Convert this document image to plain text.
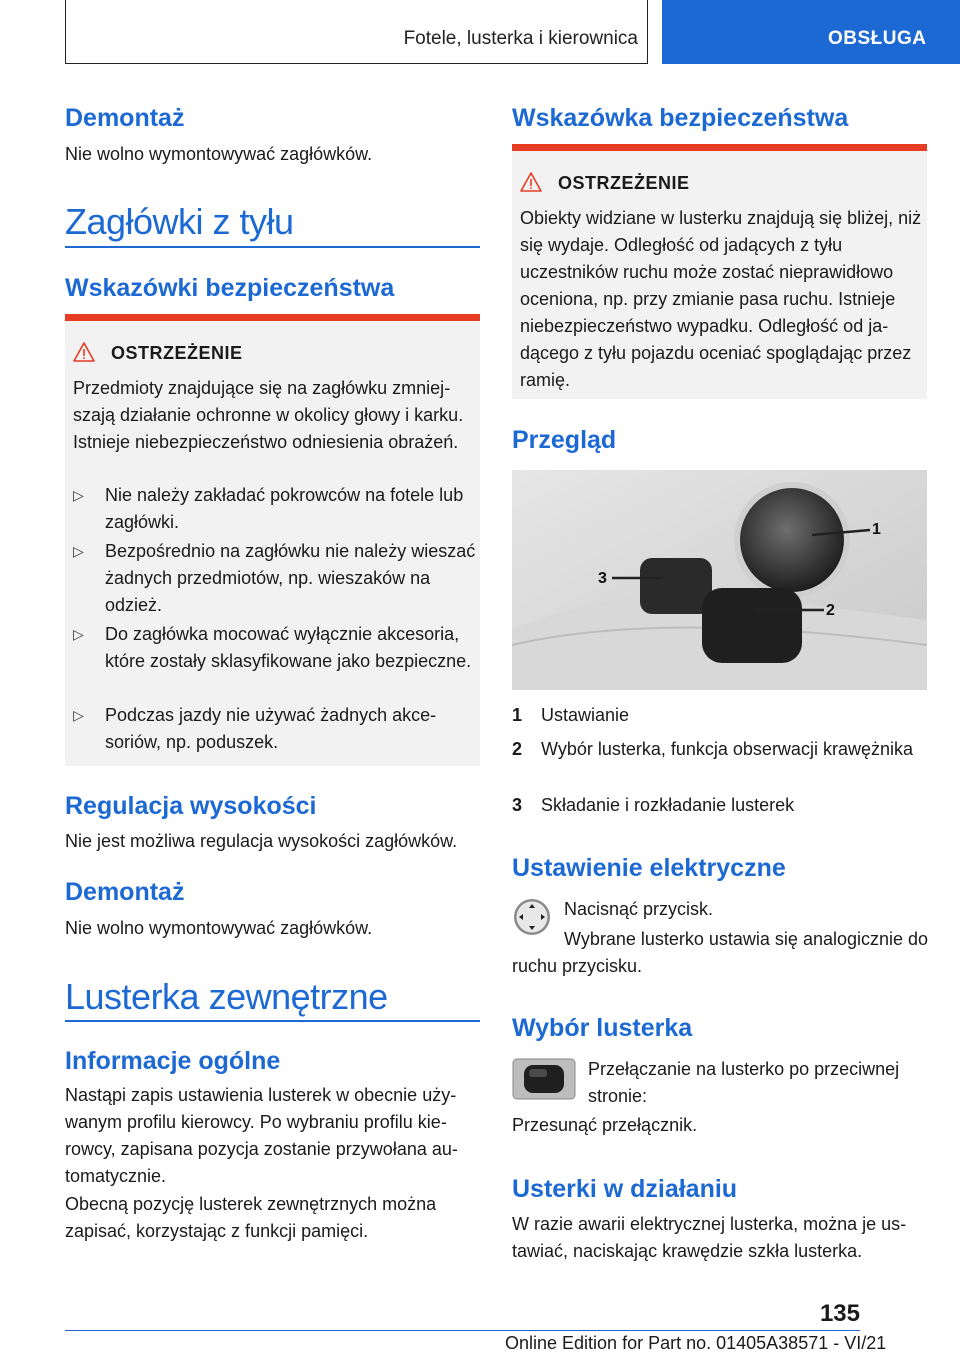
Fotele, lusterka i kierownica	OBSŁUGA
Demontaż
Nie wolno wymontowywać zagłówków.
Zagłówki z tyłu
Wskazówki bezpieczeństwa
OSTRZEŻENIE
Przedmioty znajdujące się na zagłówku zmniejszają działanie ochronne w okolicy głowy i karku. Istnieje niebezpieczeństwo odniesienia obrażeń.
▷ Nie należy zakładać pokrowców na fotele lub zagłówki.
▷ Bezpośrednio na zagłówku nie należy wieszać żadnych przedmiotów, np. wieszaków na odzież.
▷ Do zagłówka mocować wyłącznie akcesoria, które zostały sklasyfikowane jako bezpieczne.
▷ Podczas jazdy nie używać żadnych akcesoriów, np. poduszek.
Regulacja wysokości
Nie jest możliwa regulacja wysokości zagłówków.
Demontaż
Nie wolno wymontowywać zagłówków.
Lusterka zewnętrzne
Informacje ogólne
Nastąpi zapis ustawienia lusterek w obecnie używanym profilu kierowcy. Po wybraniu profilu kierowcy, zapisana pozycja zostanie przywołana automatycznie.
Obecną pozycję lusterek zewnętrznych można zapisać, korzystając z funkcji pamięci.
Wskazówka bezpieczeństwa
OSTRZEŻENIE
Obiekty widziane w lusterku znajdują się bliżej, niż się wydaje. Odległość od jadących z tyłu uczestników ruchu może zostać nieprawidłowo oceniona, np. przy zmianie pasa ruchu. Istnieje niebezpieczeństwo wypadku. Odległość od jadącego z tyłu pojazdu oceniać spoglądając przez ramię.
Przegląd
1
2
3
1 Ustawianie
2 Wybór lusterka, funkcja obserwacji krawężnika
3 Składanie i rozkładanie lusterek
Ustawienie elektryczne
Nacisnąć przycisk.
Wybrane lusterko ustawia się analogicznie do ruchu przycisku.
Wybór lusterka
Przełączanie na lusterko po przeciwnej stronie:
Przesunąć przełącznik.
Usterki w działaniu
W razie awarii elektrycznej lusterka, można je ustawiać, naciskając krawędzie szkła lusterka.
135
Online Edition for Part no. 01405A38571 - VI/21
